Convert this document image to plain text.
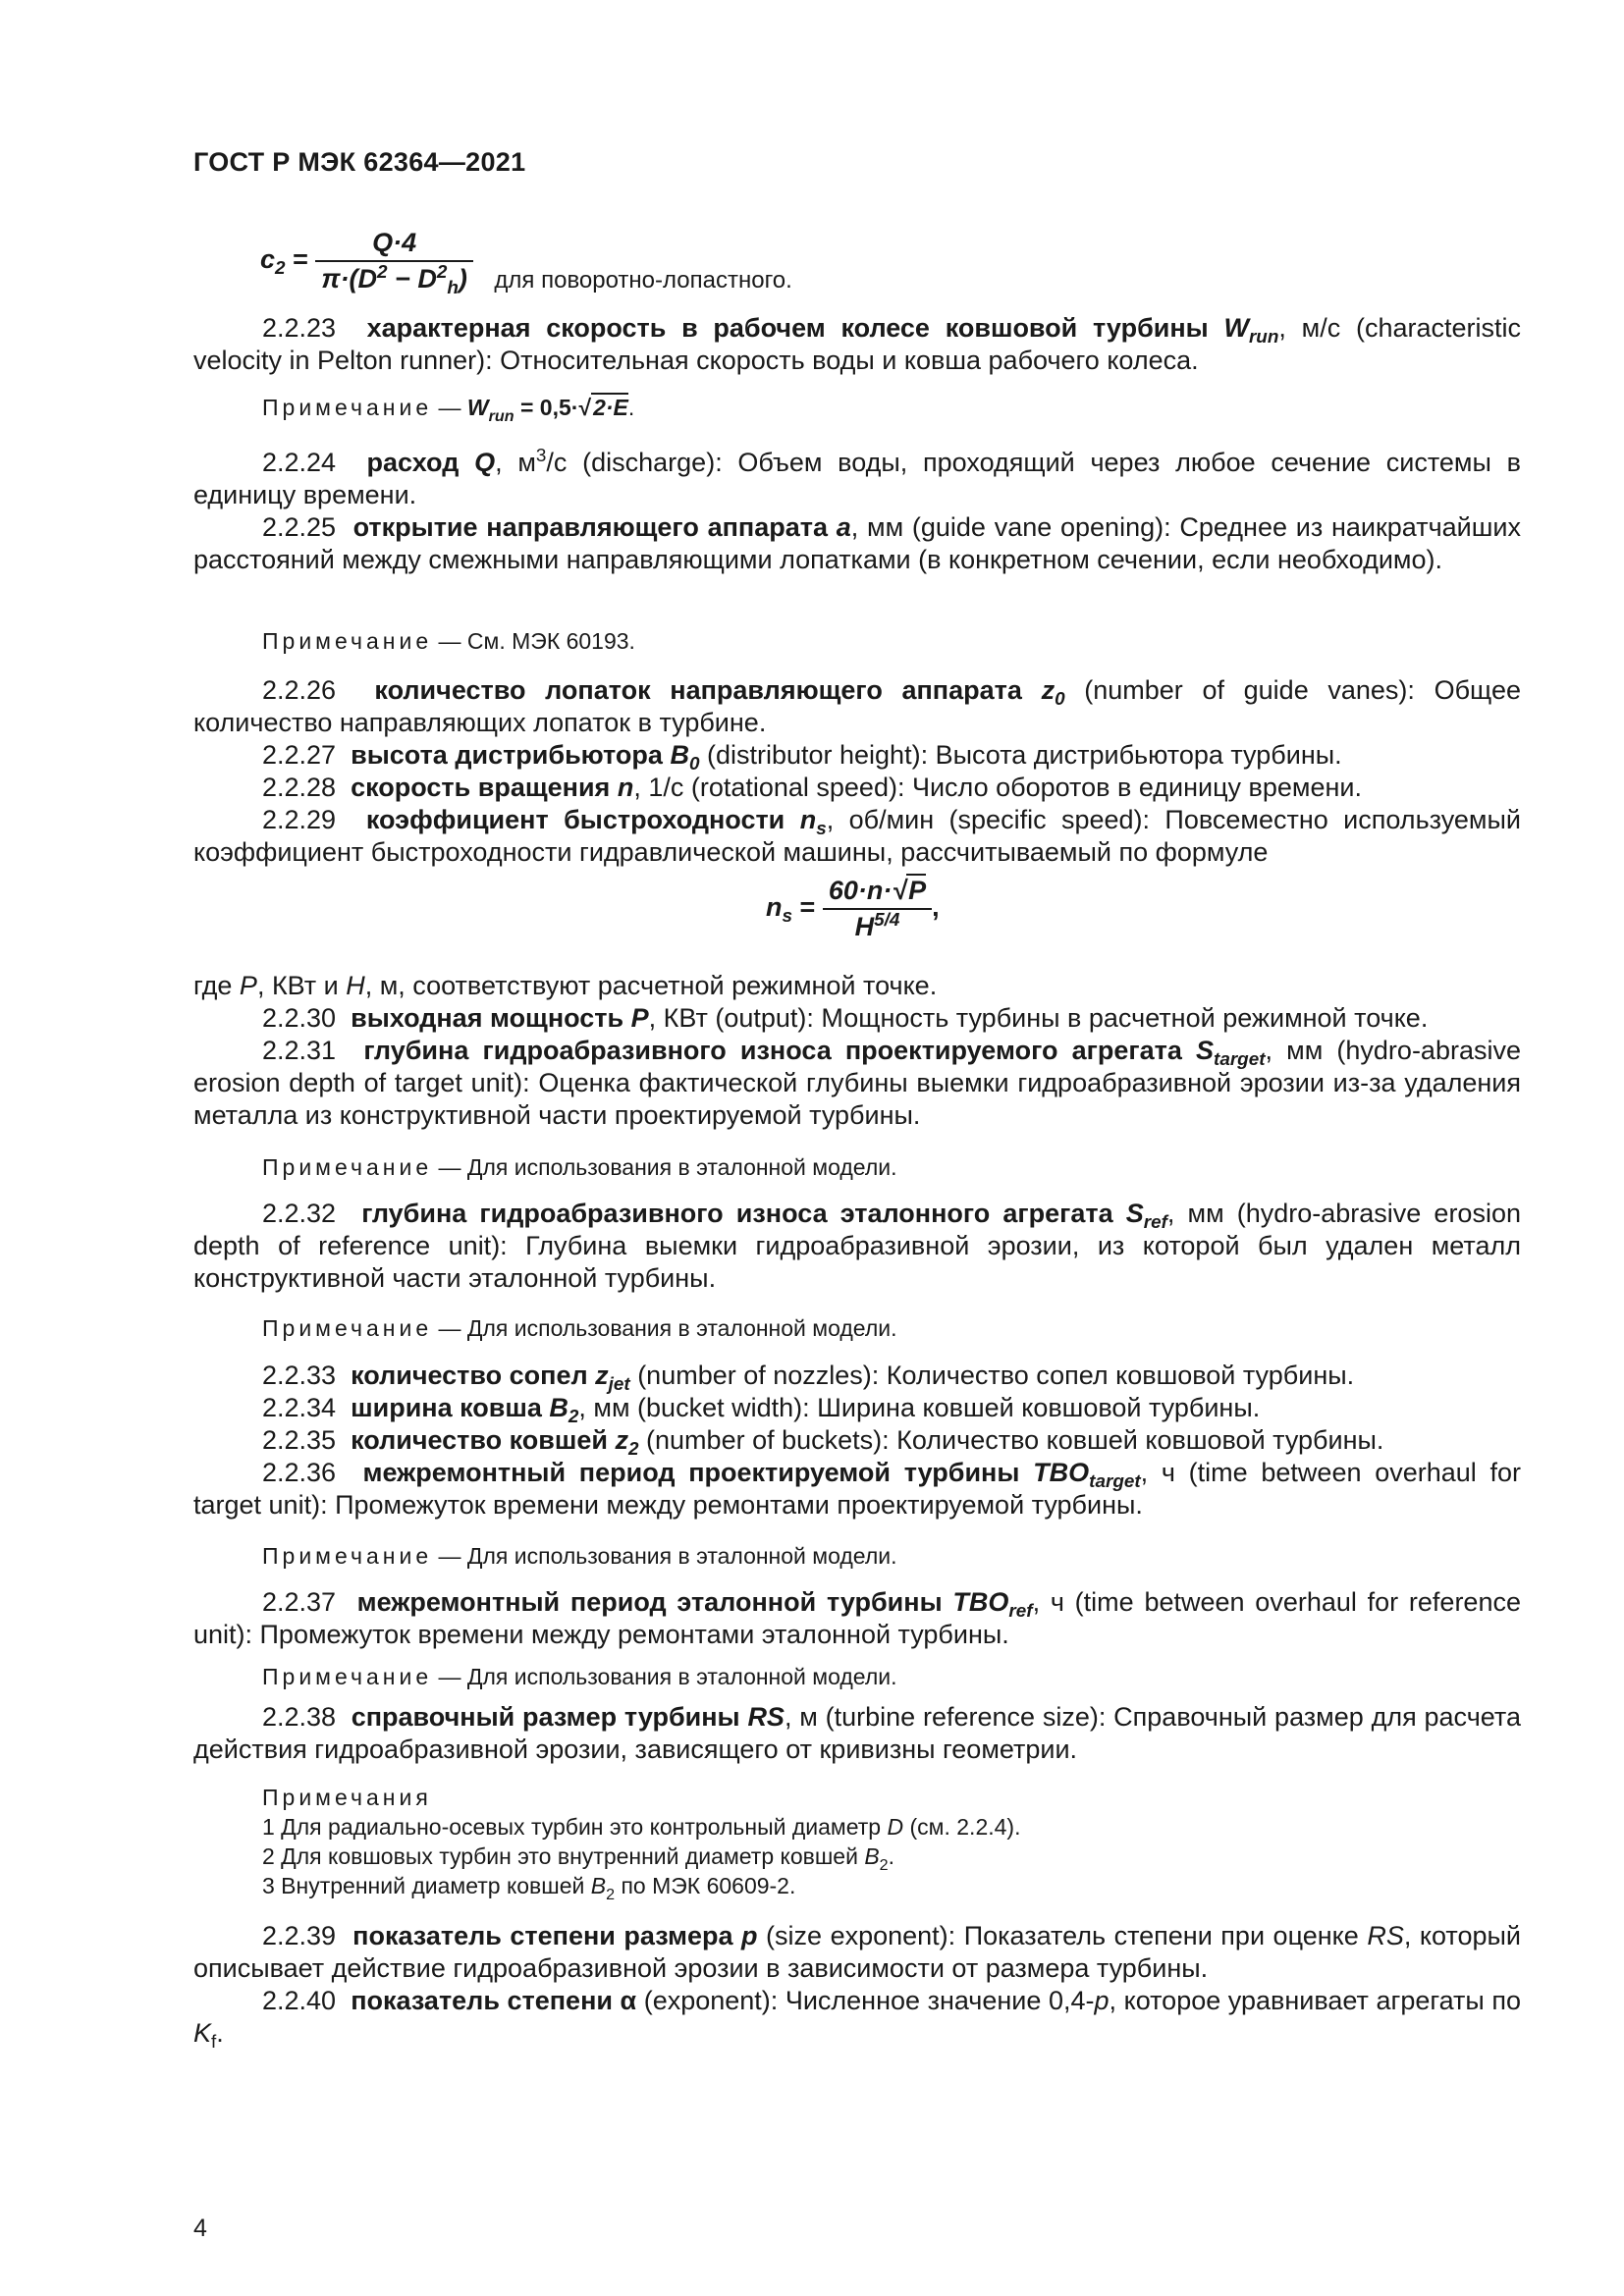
ГОСТ Р МЭК 62364—2021
$c_2 = \frac{Q\cdot 4}{\pi\cdot(D^2 - D^2_h)}$ для поворотно-лопастного.
2.2.23 характерная скорость в рабочем колесе ковшовой турбины $W_{run}$, м/с (characteristic velocity in Pelton runner): Относительная скорость воды и ковша рабочего колеса.
Примечание — $W_{run} = 0,5\cdot√2\cdot E$.
2.2.24 расход Q, $м^3/с$ (discharge): Объем воды, проходящий через любое сечение системы в единицу времени.
2.2.25 открытие направляющего аппарата a, мм (guide vane opening): Среднее из наикратчайших расстояний между смежными направляющими лопатками (в конкретном сечении, если необходимо).
Примечание — См. МЭК 60193.
2.2.26 количество лопаток направляющего аппарата $z_0$ (number of guide vanes): Общее количество направляющих лопаток в турбине.
2.2.27 высота дистрибьютора $B_0$ (distributor height): Высота дистрибьютора турбины.
2.2.28 скорость вращения n, 1/с (rotational speed): Число оборотов в единицу времени.
2.2.29 коэффициент быстроходности $n_s$, об/мин (specific speed): Повсеместно используемый коэффициент быстроходности гидравлической машины, рассчитываемый по формуле
$n_s = \frac{60\cdot n\cdot√P}{H^{5/4}}$ ,
где P, КВт и H, м, соответствуют расчетной режимной точке.
2.2.30 выходная мощность P, КВт (output): Мощность турбины в расчетной режимной точке.
2.2.31 глубина гидроабразивного износа проектируемого агрегата $S_{target}$, мм (hydro-abrasive erosion depth of target unit): Оценка фактической глубины выемки гидроабразивной эрозии из-за удаления металла из конструктивной части проектируемой турбины.
Примечание — Для использования в эталонной модели.
2.2.32 глубина гидроабразивного износа эталонного агрегата $S_{ref}$, мм (hydro-abrasive erosion depth of reference unit): Глубина выемки гидроабразивной эрозии, из которой был удален металл конструктивной части эталонной турбины.
Примечание — Для использования в эталонной модели.
2.2.33 количество сопел $z_{jet}$ (number of nozzles): Количество сопел ковшовой турбины.
2.2.34 ширина ковша $B_2$, мм (bucket width): Ширина ковшей ковшовой турбины.
2.2.35 количество ковшей $z_2$ (number of buckets): Количество ковшей ковшовой турбины.
2.2.36 межремонтный период проектируемой турбины $TBO_{target}$, ч (time between overhaul for target unit): Промежуток времени между ремонтами проектируемой турбины.
Примечание — Для использования в эталонной модели.
2.2.37 межремонтный период эталонной турбины $TBO_{ref}$, ч (time between overhaul for reference unit): Промежуток времени между ремонтами эталонной турбины.
Примечание — Для использования в эталонной модели.
2.2.38 справочный размер турбины RS, м (turbine reference size): Справочный размер для расчета действия гидроабразивной эрозии, зависящего от кривизны геометрии.
Примечания
1 Для радиально-осевых турбин это контрольный диаметр D (см. 2.2.4).
2 Для ковшовых турбин это внутренний диаметр ковшей $B_2$.
3 Внутренний диаметр ковшей $B_2$ по МЭК 60609-2.
2.2.39 показатель степени размера p (size exponent): Показатель степени при оценке RS, который описывает действие гидроабразивной эрозии в зависимости от размера турбины.
2.2.40 показатель степени α (exponent): Численное значение 0,4-p, которое уравнивает агрегаты по $K_f$.
4
